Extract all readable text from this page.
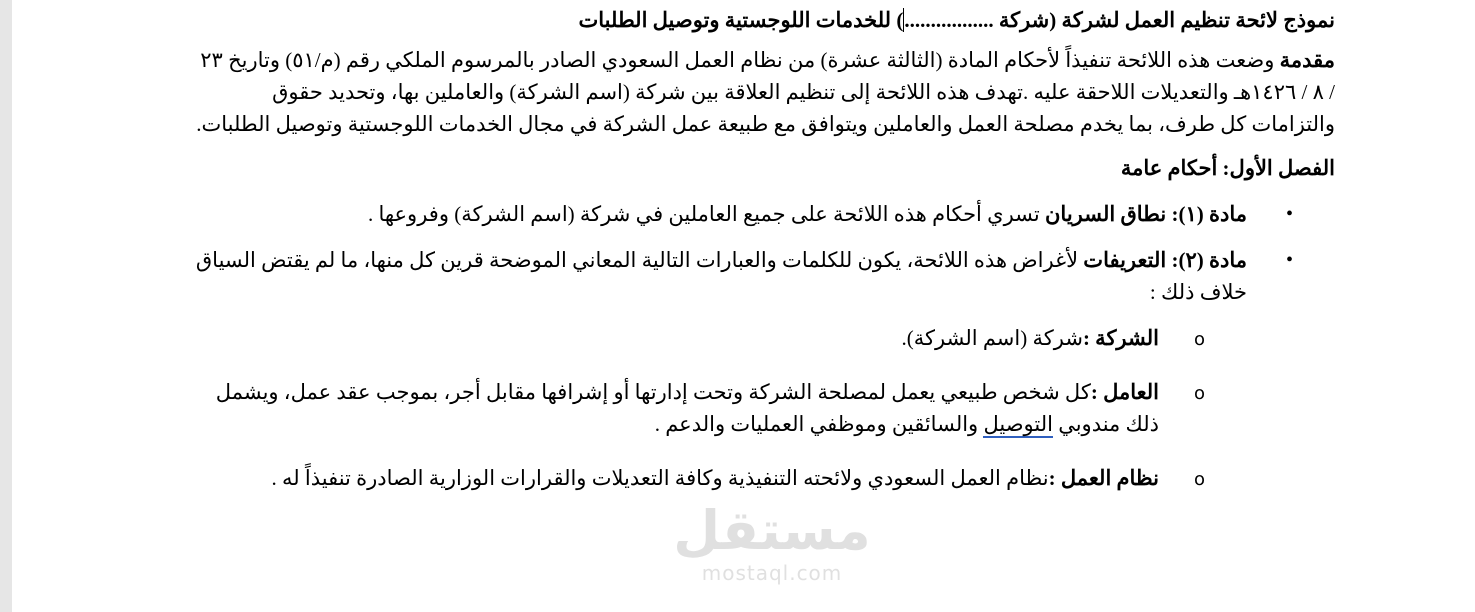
نموذج لائحة تنظيم العمل لشركة (شركة .................) للخدمات اللوجستية وتوصيل الطلبات

مقدمة وضعت هذه اللائحة تنفيذاً لأحكام المادة (الثالثة عشرة) من نظام العمل السعودي الصادر بالمرسوم الملكي رقم (م/٥١) وتاريخ ٢٣ / ٨ / ١٤٢٦هـ والتعديلات اللاحقة عليه .تهدف هذه اللائحة إلى تنظيم العلاقة بين شركة (اسم الشركة) والعاملين بها، وتحديد حقوق والتزامات كل طرف، بما يخدم مصلحة العمل والعاملين ويتوافق مع طبيعة عمل الشركة في مجال الخدمات اللوجستية وتوصيل الطلبات.

الفصل الأول: أحكام عامة

•
مادة (١): نطاق السريان تسري أحكام هذه اللائحة على جميع العاملين في شركة (اسم الشركة) وفروعها .
•
مادة (٢): التعريفات لأغراض هذه اللائحة، يكون للكلمات والعبارات التالية المعاني الموضحة قرين كل منها، ما لم يقتض السياق خلاف ذلك :
o
الشركة :شركة (اسم الشركة).
o
العامل :كل شخص طبيعي يعمل لمصلحة الشركة وتحت إدارتها أو إشرافها مقابل أجر، بموجب عقد عمل، ويشمل ذلك مندوبي التوصيل والسائقين وموظفي العمليات والدعم .
o
نظام العمل :نظام العمل السعودي ولائحته التنفيذية وكافة التعديلات والقرارات الوزارية الصادرة تنفيذاً له .
مستقل
mostaql.com
